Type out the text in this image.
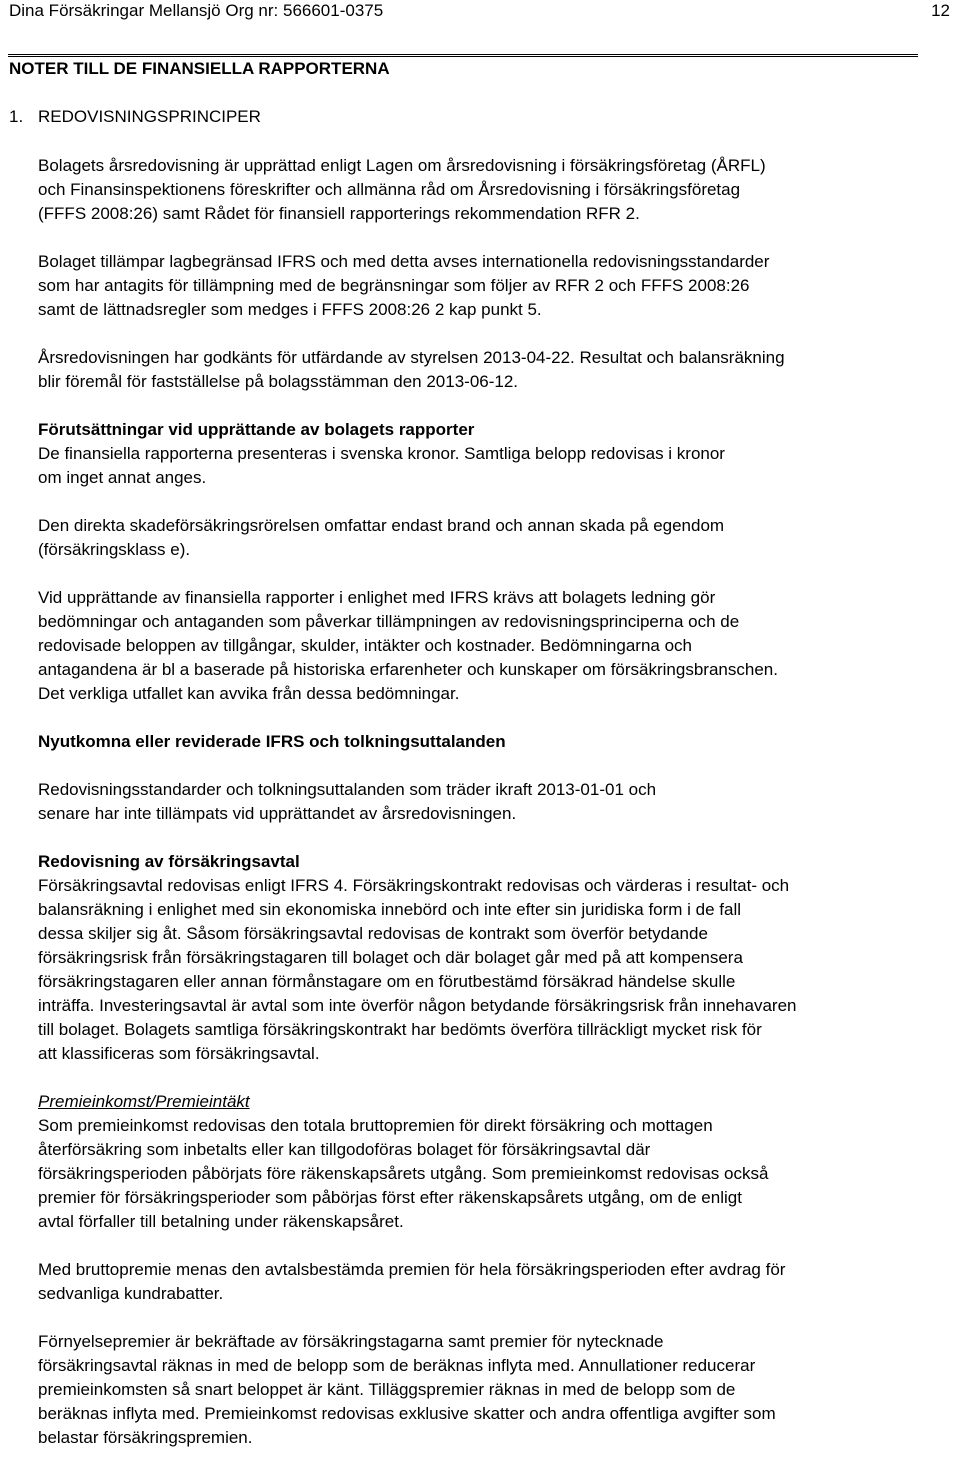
Dina Försäkringar Mellansjö Org nr: 566601-0375	12
NOTER TILL DE FINANSIELLA RAPPORTERNA
1. REDOVISNINGSPRINCIPER

Bolagets årsredovisning är upprättad enligt Lagen om årsredovisning i försäkringsföretag (ÅRFL)
och Finansinspektionens föreskrifter och allmänna råd om Årsredovisning i försäkringsföretag
(FFFS 2008:26) samt Rådet för finansiell rapporterings rekommendation RFR 2.

Bolaget tillämpar lagbegränsad IFRS och med detta avses internationella redovisningsstandarder
som har antagits för tillämpning med de begränsningar som följer av RFR 2 och FFFS 2008:26
samt de lättnadsregler som medges i FFFS 2008:26 2 kap punkt 5.

Årsredovisningen har godkänts för utfärdande av styrelsen 2013-04-22. Resultat och balansräkning
blir föremål för fastställelse på bolagsstämman den 2013-06-12.

Förutsättningar vid upprättande av bolagets rapporter
De finansiella rapporterna presenteras i svenska kronor. Samtliga belopp redovisas i kronor
om inget annat anges.

Den direkta skadeförsäkringsrörelsen omfattar endast brand och annan skada på egendom
(försäkringsklass e).

Vid upprättande av finansiella rapporter i enlighet med IFRS krävs att bolagets ledning gör
bedömningar och antaganden som påverkar tillämpningen av redovisningsprinciperna och de
redovisade beloppen av tillgångar, skulder, intäkter och kostnader. Bedömningarna och
antagandena är bl a baserade på historiska erfarenheter och kunskaper om försäkringsbranschen.
Det verkliga utfallet kan avvika från dessa bedömningar.

Nyutkomna eller reviderade IFRS och tolkningsuttalanden

Redovisningsstandarder och tolkningsuttalanden som träder ikraft 2013-01-01 och
senare har inte tillämpats vid upprättandet av årsredovisningen.

Redovisning av försäkringsavtal
Försäkringsavtal redovisas enligt IFRS 4. Försäkringskontrakt redovisas och värderas i resultat- och
balansräkning i enlighet med sin ekonomiska innebörd och inte efter sin juridiska form i de fall
dessa skiljer sig åt. Såsom försäkringsavtal redovisas de kontrakt som överför betydande
försäkringsrisk från försäkringstagaren till bolaget och där bolaget går med på att kompensera
försäkringstagaren eller annan förmånstagare om en förutbestämd försäkrad händelse skulle
inträffa. Investeringsavtal är avtal som inte överför någon betydande försäkringsrisk från innehavaren
till bolaget. Bolagets samtliga försäkringskontrakt har bedömts överföra tillräckligt mycket risk för
att klassificeras som försäkringsavtal.
Premieinkomst/Premieintäkt
Som premieinkomst redovisas den totala bruttopremien för direkt försäkring och mottagen
återförsäkring som inbetalts eller kan tillgodoföras bolaget för försäkringsavtal där
försäkringsperioden påbörjats före räkenskapsårets utgång. Som premieinkomst redovisas också
premier för försäkringsperioder som påbörjas först efter räkenskapsårets utgång, om de enligt
avtal förfaller till betalning under räkenskapsåret.

Med bruttopremie menas den avtalsbestämda premien för hela försäkringsperioden efter avdrag för
sedvanliga kundrabatter.

Förnyelsepremier är bekräftade av försäkringstagarna samt premier för nytecknade
försäkringsavtal räknas in med de belopp som de beräknas inflyta med. Annullationer reducerar
premieinkomsten så snart beloppet är känt. Tilläggspremier räknas in med de belopp som de
beräknas inflyta med. Premieinkomst redovisas exklusive skatter och andra offentliga avgifter som
belastar försäkringspremien.
